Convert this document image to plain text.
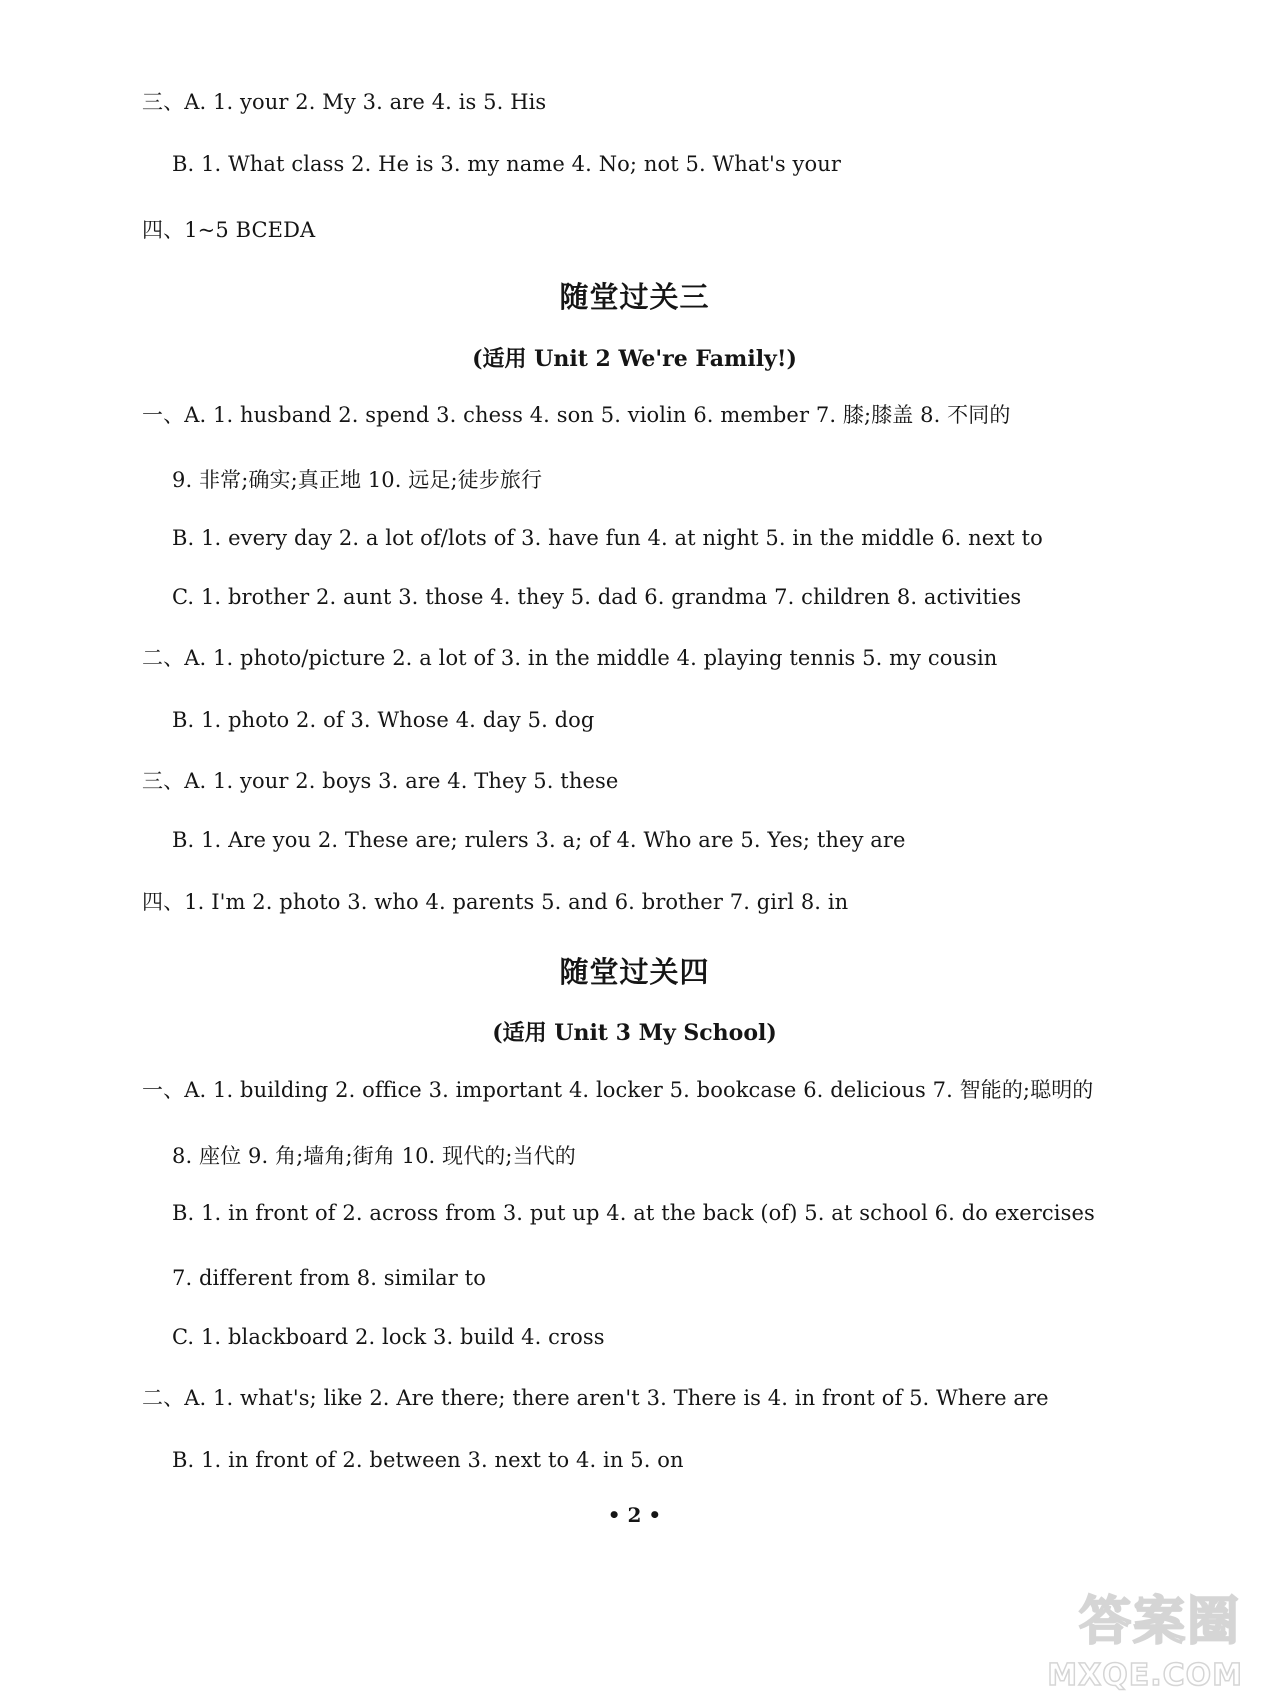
三、A. 1. your 2. My 3. are 4. is 5. His
B. 1. What class 2. He is 3. my name 4. No; not 5. What's your
四、1~5 BCEDA
随堂过关三
(适用 Unit 2 We're Family!)
一、A. 1. husband 2. spend 3. chess 4. son 5. violin 6. member 7. 膝;膝盖 8. 不同的
9. 非常;确实;真正地 10. 远足;徒步旅行
B. 1. every day 2. a lot of/lots of 3. have fun 4. at night 5. in the middle 6. next to
C. 1. brother 2. aunt 3. those 4. they 5. dad 6. grandma 7. children 8. activities
二、A. 1. photo/picture 2. a lot of 3. in the middle 4. playing tennis 5. my cousin
B. 1. photo 2. of 3. Whose 4. day 5. dog
三、A. 1. your 2. boys 3. are 4. They 5. these
B. 1. Are you 2. These are; rulers 3. a; of 4. Who are 5. Yes; they are
四、1. I'm 2. photo 3. who 4. parents 5. and 6. brother 7. girl 8. in
随堂过关四
(适用 Unit 3 My School)
一、A. 1. building 2. office 3. important 4. locker 5. bookcase 6. delicious 7. 智能的;聪明的
8. 座位 9. 角;墙角;街角 10. 现代的;当代的
B. 1. in front of 2. across from 3. put up 4. at the back (of) 5. at school 6. do exercises
7. different from 8. similar to
C. 1. blackboard 2. lock 3. build 4. cross
二、A. 1. what's; like 2. Are there; there aren't 3. There is 4. in front of 5. Where are
B. 1. in front of 2. between 3. next to 4. in 5. on
• 2 •
答案圈
MXQE.COM
